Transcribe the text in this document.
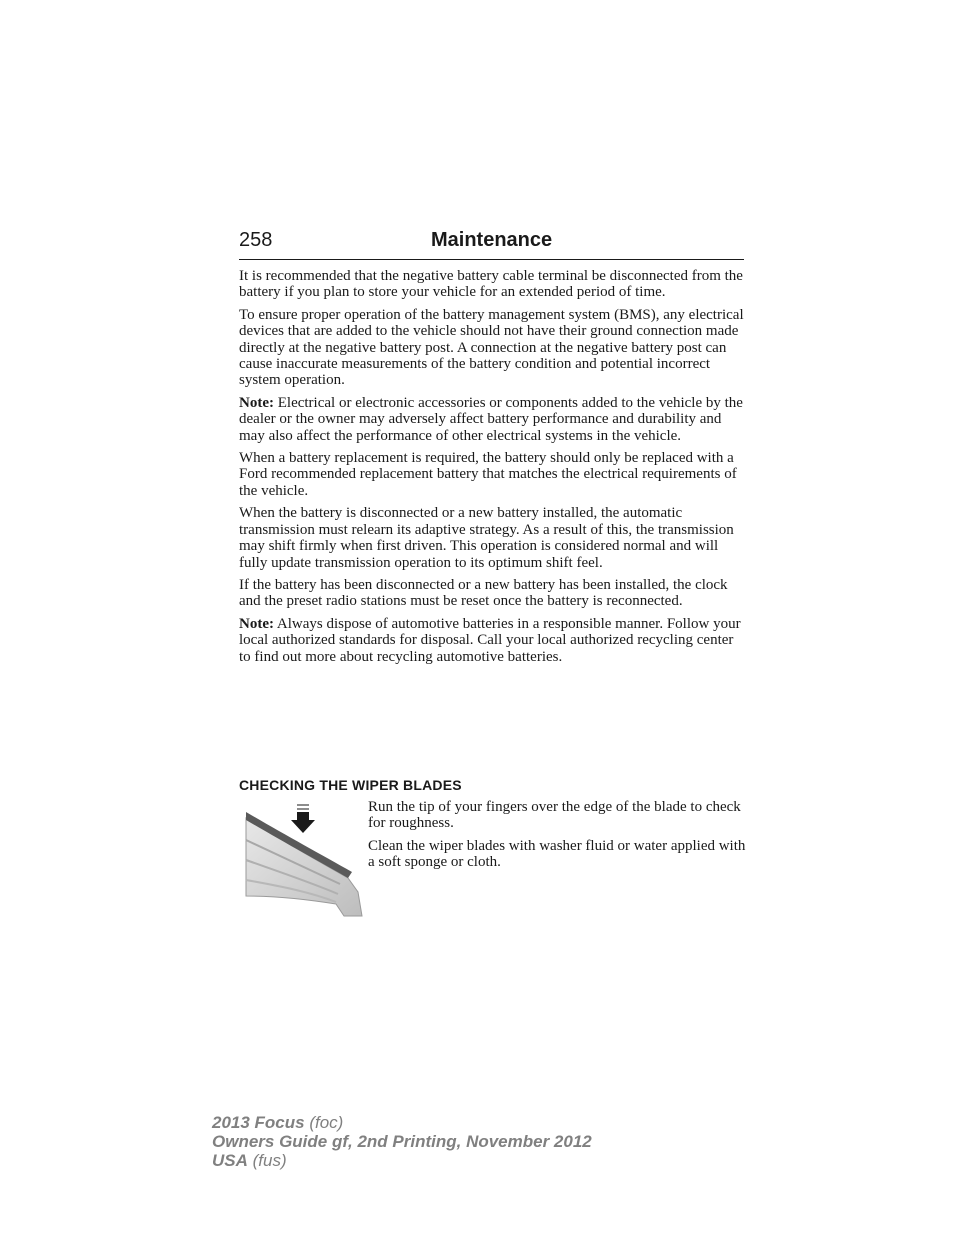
258	Maintenance

It is recommended that the negative battery cable terminal be disconnected from the battery if you plan to store your vehicle for an extended period of time.

To ensure proper operation of the battery management system (BMS), any electrical devices that are added to the vehicle should not have their ground connection made directly at the negative battery post. A connection at the negative battery post can cause inaccurate measurements of the battery condition and potential incorrect system operation.

Note: Electrical or electronic accessories or components added to the vehicle by the dealer or the owner may adversely affect battery performance and durability and may also affect the performance of other electrical systems in the vehicle.

When a battery replacement is required, the battery should only be replaced with a Ford recommended replacement battery that matches the electrical requirements of the vehicle.

When the battery is disconnected or a new battery installed, the automatic transmission must relearn its adaptive strategy. As a result of this, the transmission may shift firmly when first driven. This operation is considered normal and will fully update transmission operation to its optimum shift feel.

If the battery has been disconnected or a new battery has been installed, the clock and the preset radio stations must be reset once the battery is reconnected.

Note: Always dispose of automotive batteries in a responsible manner. Follow your local authorized standards for disposal. Call your local authorized recycling center to find out more about recycling automotive batteries.

CHECKING THE WIPER BLADES

Run the tip of your fingers over the edge of the blade to check for roughness.

Clean the wiper blades with washer fluid or water applied with a soft sponge or cloth.

2013 Focus (foc)
Owners Guide gf, 2nd Printing, November 2012
USA (fus)
